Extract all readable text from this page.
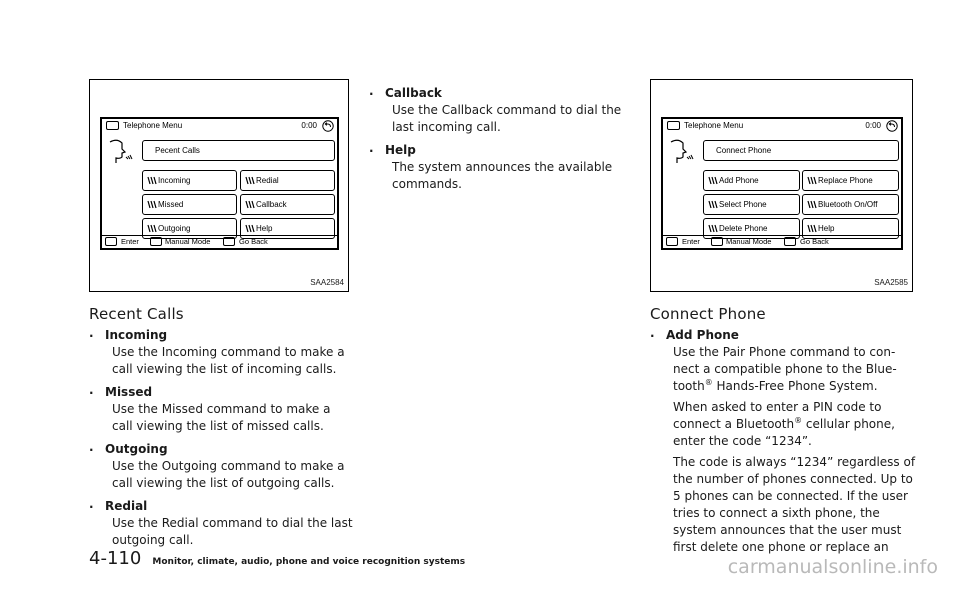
Telephone Menu	0:00
Pecent Calls
Incoming	Redial
Missed	Callback
Outgoing	Help
Enter	Manual Mode	Go Back
SAA2584
Telephone Menu	0:00
Connect Phone
Add Phone	Replace Phone
Select Phone	Bluetooth On/Off
Delete Phone	Help
Enter	Manual Mode	Go Back
SAA2585
Recent Calls
. Incoming
Use the Incoming command to make a call viewing the list of incoming calls.
. Missed
Use the Missed command to make a call viewing the list of missed calls.
. Outgoing
Use the Outgoing command to make a call viewing the list of outgoing calls.
. Redial
Use the Redial command to dial the last outgoing call.
. Callback
Use the Callback command to dial the last incoming call.
. Help
The system announces the available commands.
Connect Phone
. Add Phone
Use the Pair Phone command to con-nect a compatible phone to the Blue-tooth® Hands-Free Phone System.
When asked to enter a PIN code to connect a Bluetooth® cellular phone, enter the code “1234”.
The code is always “1234” regardless of the number of phones connected. Up to 5 phones can be connected. If the user tries to connect a sixth phone, the system announces that the user must first delete one phone or replace an
4-110 Monitor, climate, audio, phone and voice recognition systems	carmanualsonline.info
